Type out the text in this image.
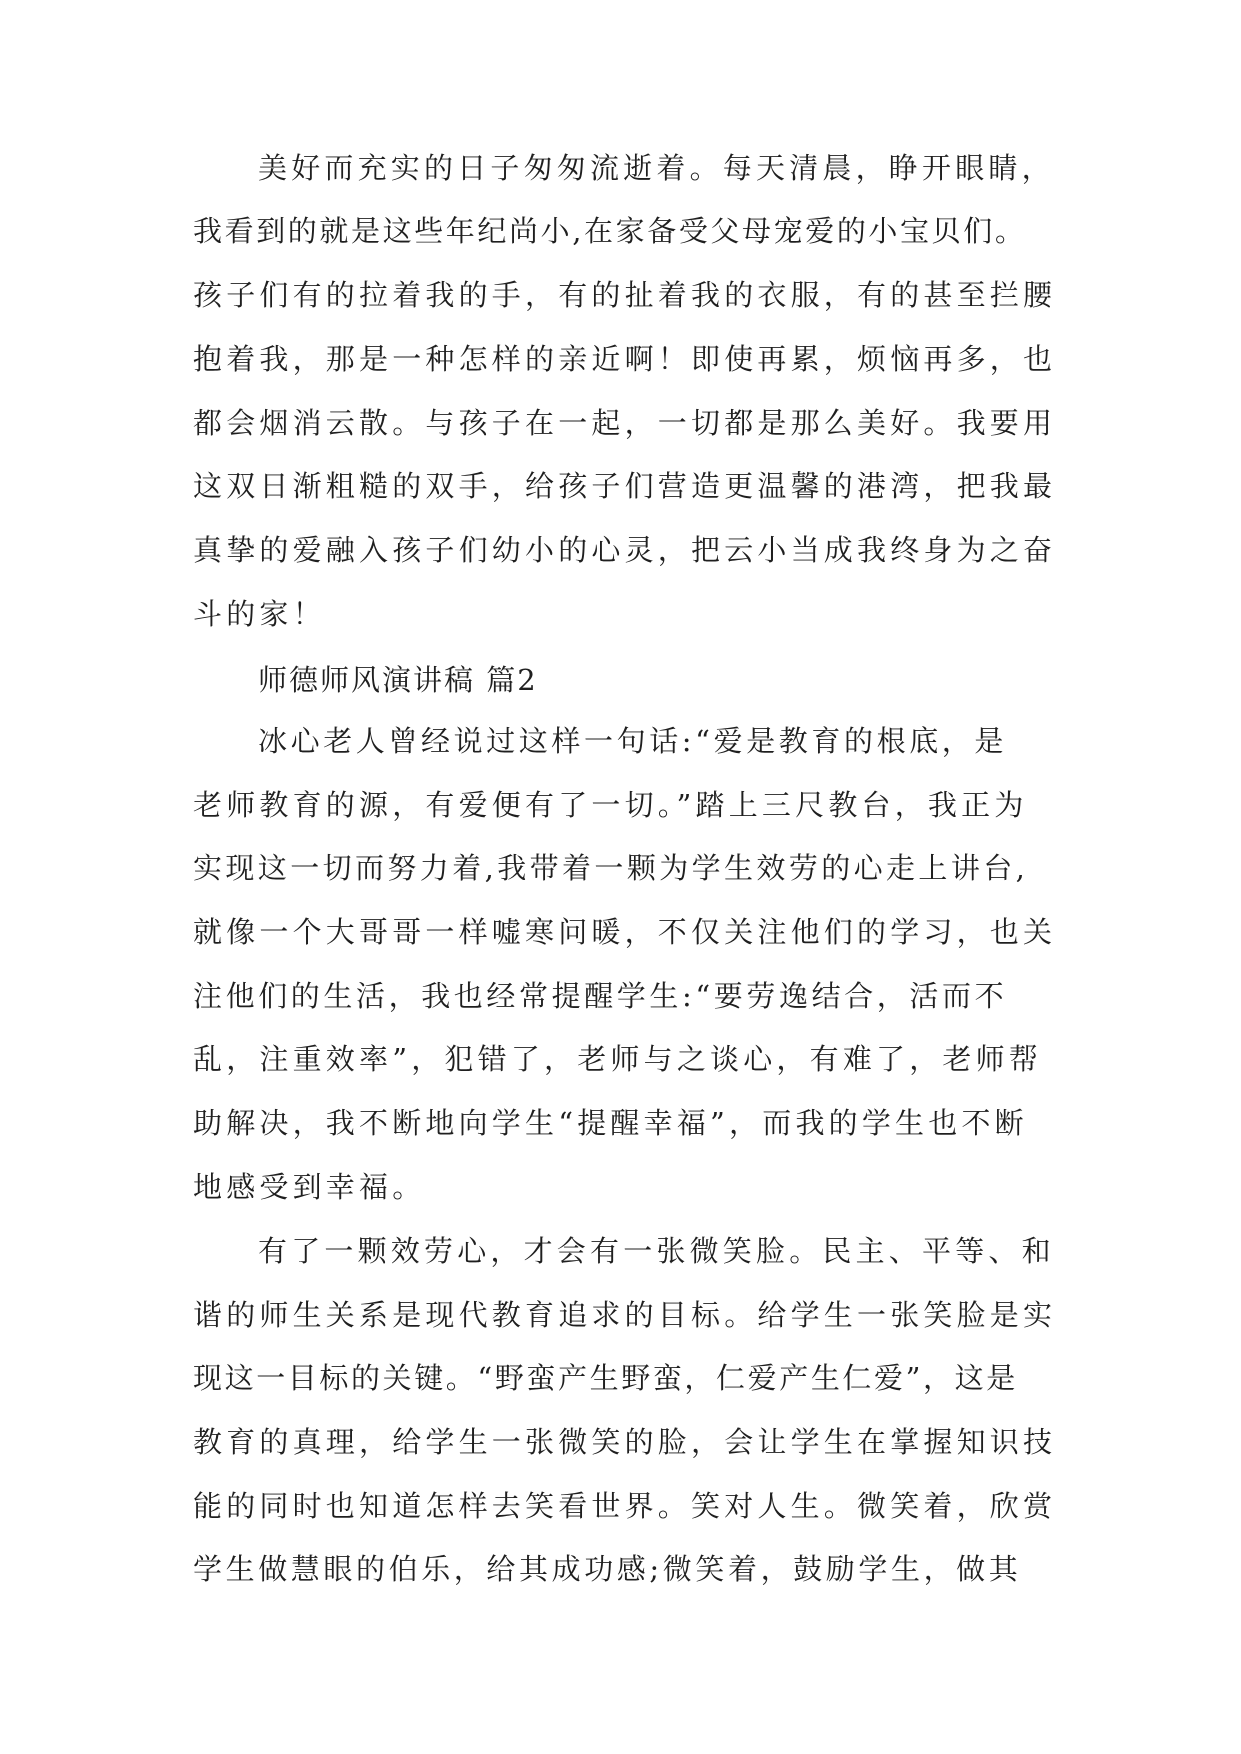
美好而充实的日子匆匆流逝着。每天清晨，睁开眼睛，
我看到的就是这些年纪尚小,在家备受父母宠爱的小宝贝们。
孩子们有的拉着我的手，有的扯着我的衣服，有的甚至拦腰
抱着我，那是一种怎样的亲近啊！即使再累，烦恼再多，也
都会烟消云散。与孩子在一起，一切都是那么美好。我要用
这双日渐粗糙的双手，给孩子们营造更温馨的港湾，把我最
真挚的爱融入孩子们幼小的心灵，把云小当成我终身为之奋
斗的家！
师德师风演讲稿 篇2
冰心老人曾经说过这样一句话:“爱是教育的根底，是
老师教育的源，有爱便有了一切。”踏上三尺教台，我正为
实现这一切而努力着,我带着一颗为学生效劳的心走上讲台,
就像一个大哥哥一样嘘寒问暖，不仅关注他们的学习，也关
注他们的生活，我也经常提醒学生:“要劳逸结合，活而不
乱，注重效率”，犯错了，老师与之谈心，有难了，老师帮
助解决，我不断地向学生“提醒幸福”，而我的学生也不断
地感受到幸福。
有了一颗效劳心，才会有一张微笑脸。民主、平等、和
谐的师生关系是现代教育追求的目标。给学生一张笑脸是实
现这一目标的关键。“野蛮产生野蛮，仁爱产生仁爱”，这是
教育的真理，给学生一张微笑的脸，会让学生在掌握知识技
能的同时也知道怎样去笑看世界。笑对人生。微笑着，欣赏
学生做慧眼的伯乐，给其成功感;微笑着，鼓励学生，做其
